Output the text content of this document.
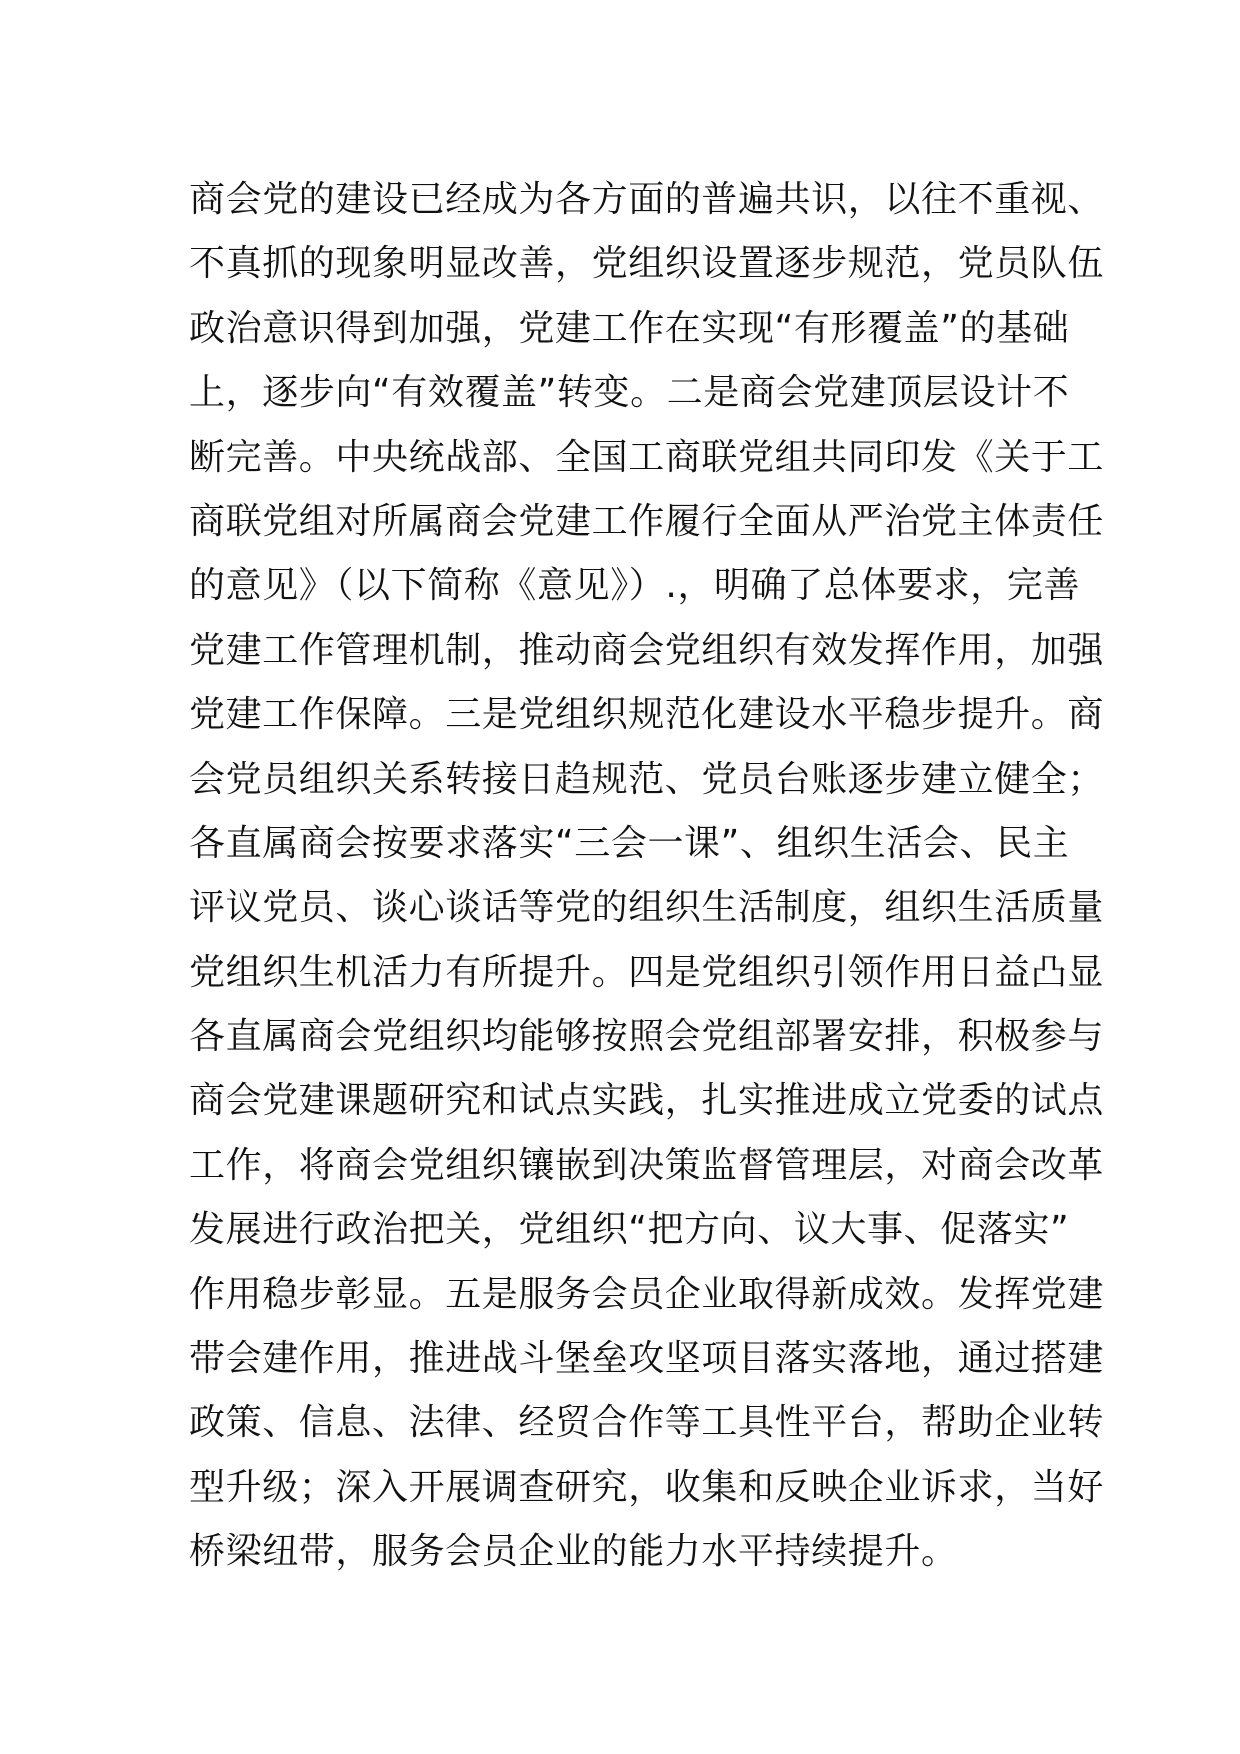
商会党的建设已经成为各方面的普遍共识，以往不重视、
不真抓的现象明显改善，党组织设置逐步规范，党员队伍
政治意识得到加强，党建工作在实现“有形覆盖”的基础
上，逐步向“有效覆盖”转变。二是商会党建顶层设计不
断完善。中央统战部、全国工商联党组共同印发《关于工
商联党组对所属商会党建工作履行全面从严治党主体责任
的意见》（以下简称《意见》）.，明确了总体要求，完善
党建工作管理机制，推动商会党组织有效发挥作用，加强
党建工作保障。三是党组织规范化建设水平稳步提升。商
会党员组织关系转接日趋规范、党员台账逐步建立健全；
各直属商会按要求落实“三会一课”、组织生活会、民主
评议党员、谈心谈话等党的组织生活制度，组织生活质量
党组织生机活力有所提升。四是党组织引领作用日益凸显
各直属商会党组织均能够按照会党组部署安排，积极参与
商会党建课题研究和试点实践，扎实推进成立党委的试点
工作，将商会党组织镶嵌到决策监督管理层，对商会改革
发展进行政治把关，党组织“把方向、议大事、促落实”
作用稳步彰显。五是服务会员企业取得新成效。发挥党建
带会建作用，推进战斗堡垒攻坚项目落实落地，通过搭建
政策、信息、法律、经贸合作等工具性平台，帮助企业转
型升级；深入开展调查研究，收集和反映企业诉求，当好
桥梁纽带，服务会员企业的能力水平持续提升。
